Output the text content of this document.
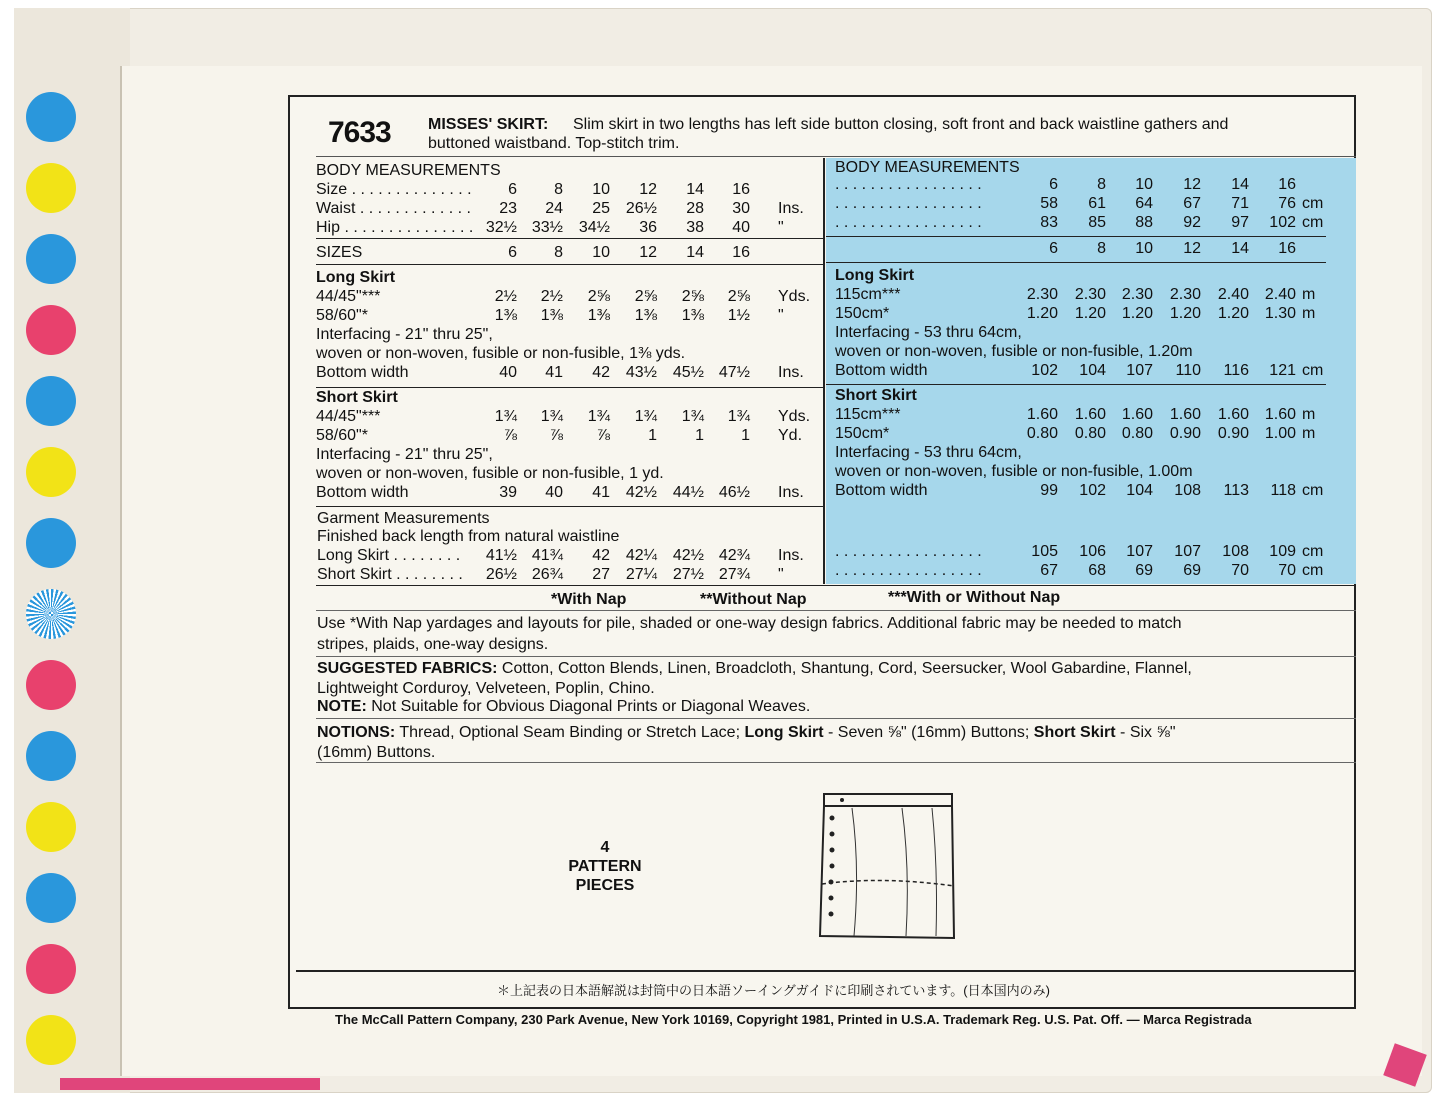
7633 MISSES' SKIRT: Slim skirt in two lengths has left side button closing, soft front and back waistline gathers and
buttoned waistband. Top-stitch trim.
BODY MEASUREMENTS
Size . . . . . . . . . . . . . .	6	8	10	12	14	16
Waist . . . . . . . . . . . . .	23	24	25 26½	28	30 Ins.
Hip . . . . . . . . . . . . . . . 32½ 33½ 34½	36	38	40 "
SIZES	6	8	10	12	14	16
Long Skirt
44/45"***	2½	2½	2⅝	2⅝	2⅝	2⅝ Yds.
58/60"*	1⅜	1⅜	1⅜	1⅜	1⅜	1½ "
Interfacing - 21" thru 25",
woven or non-woven, fusible or non-fusible, 1⅜ yds.
Bottom width	40	41	42 43½ 45½ 47½ Ins.
Short Skirt
44/45"***	1¾	1¾	1¾	1¾	1¾	1¾ Yds.
58/60"*	⅞	⅞	⅞	1	1	1 Yd.
Interfacing - 21" thru 25",
woven or non-woven, fusible or non-fusible, 1 yd.
Bottom width	39	40	41 42½ 44½ 46½ Ins.
Garment Measurements
Finished back length from natural waistline
Long Skirt . . . . . . . .	41½ 41¾	42 42¼ 42½ 42¾ Ins.
Short Skirt . . . . . . . .	26½ 26¾	27 27¼ 27½ 27¾ "
BODY MEASUREMENTS
. . . . . . . . . . . . . . . . .	6	8	10	12	14	16
. . . . . . . . . . . . . . . . .	58	61	64	67	71	76 cm
. . . . . . . . . . . . . . . . .	83	85	88	92	97	102 cm
6	8	10	12	14	16
Long Skirt
115cm***	2.30	2.30 2.30	2.30	2.40 2.40 m
150cm*	1.20	1.20 1.20	1.20	1.20 1.30 m
Interfacing - 53 thru 64cm,
woven or non-woven, fusible or non-fusible, 1.20m
Bottom width	102	104	107	110	116	121 cm
Short Skirt
115cm***	1.60	1.60 1.60	1.60	1.60 1.60 m
150cm*	0.80	0.80 0.80	0.90	0.90 1.00 m
Interfacing - 53 thru 64cm,
woven or non-woven, fusible or non-fusible, 1.00m
Bottom width	99	102	104	108	113	118 cm
. . . . . . . . . . . . . . . . .	105	106	107	107	108	109 cm
. . . . . . . . . . . . . . . . .	67	68	69	69	70	70 cm
*With Nap	**Without Nap	***With or Without Nap
Use *With Nap yardages and layouts for pile, shaded or one-way design fabrics. Additional fabric may be needed to match
stripes, plaids, one-way designs.
SUGGESTED FABRICS: Cotton, Cotton Blends, Linen, Broadcloth, Shantung, Cord, Seersucker, Wool Gabardine, Flannel,
Lightweight Corduroy, Velveteen, Poplin, Chino.
NOTE: Not Suitable for Obvious Diagonal Prints or Diagonal Weaves.
NOTIONS: Thread, Optional Seam Binding or Stretch Lace; Long Skirt - Seven ⅝" (16mm) Buttons; Short Skirt - Six ⅝"
(16mm) Buttons.
4
PATTERN
PIECES
＊上記表の日本語解説は封筒中の日本語ソーイングガイドに印刷されています。(日本国内のみ)
The McCall Pattern Company, 230 Park Avenue, New York 10169, Copyright 1981, Printed in U.S.A. Trademark Reg. U.S. Pat. Off. — Marca Registrada
